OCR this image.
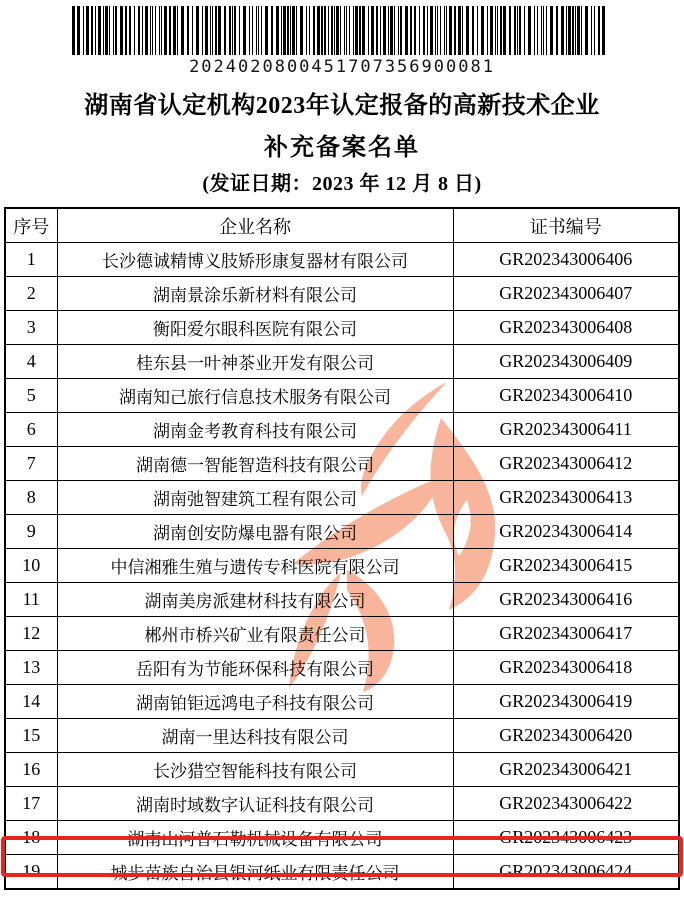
2024020800451707356900081
湖南省认定机构2023年认定报备的高新技术企业
补充备案名单
(发证日期：2023 年 12 月 8 日)
序号	企业名称	证书编号
1	长沙德诚精博义肢矫形康复器材有限公司	GR202343006406
2	湖南景涂乐新材料有限公司	GR202343006407
3	衡阳爱尔眼科医院有限公司	GR202343006408
4	桂东县一叶神茶业开发有限公司	GR202343006409
5	湖南知己旅行信息技术服务有限公司	GR202343006410
6	湖南金考教育科技有限公司	GR202343006411
7	湖南德一智能智造科技有限公司	GR202343006412
8	湖南弛智建筑工程有限公司	GR202343006413
9	湖南创安防爆电器有限公司	GR202343006414
10	中信湘雅生殖与遗传专科医院有限公司	GR202343006415
11	湖南美房派建材科技有限公司	GR202343006416
12	郴州市桥兴矿业有限责任公司	GR202343006417
13	岳阳有为节能环保科技有限公司	GR202343006418
14	湖南铂钜远鸿电子科技有限公司	GR202343006419
15	湖南一里达科技有限公司	GR202343006420
16	长沙猎空智能科技有限公司	GR202343006421
17	湖南时域数字认证科技有限公司	GR202343006422
18	湖南山河普石勒机械设备有限公司	GR202343006423
19	城步苗族自治县银河纸业有限责任公司	GR202343006424
